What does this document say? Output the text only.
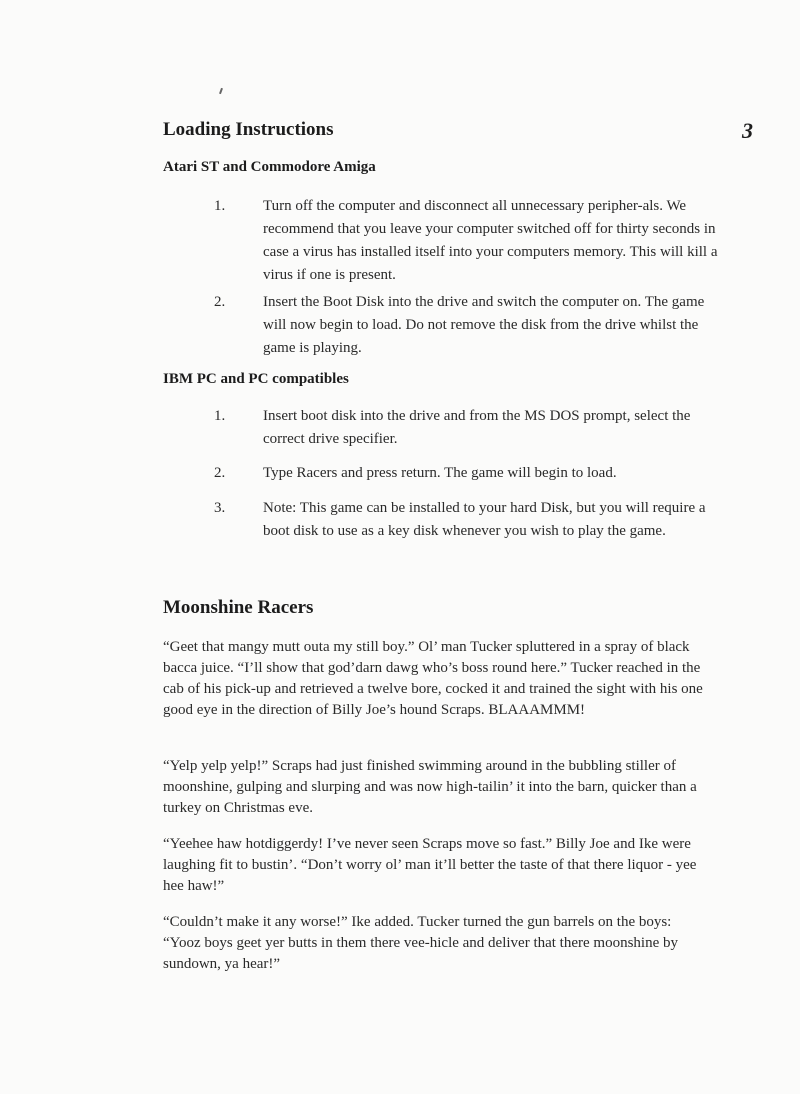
3
Loading Instructions
Atari ST and Commodore Amiga
1.	Turn off the computer and disconnect all unnecessary peripher-als. We recommend that you leave your computer switched off for thirty seconds in case a virus has installed itself into your computers memory. This will kill a virus if one is present.
2.	Insert the Boot Disk into the drive and switch the computer on. The game will now begin to load. Do not remove the disk from the drive whilst the game is playing.
IBM PC and PC compatibles
1.	Insert boot disk into the drive and from the MS DOS prompt, select the correct drive specifier.
2.	Type Racers and press return. The game will begin to load.
3.	Note: This game can be installed to your hard Disk, but you will require a boot disk to use as a key disk whenever you wish to play the game.
Moonshine Racers

“Geet that mangy mutt outa my still boy.” Ol’ man Tucker spluttered in a spray of black bacca juice. “I’ll show that god’darn dawg who’s boss round here.” Tucker reached in the cab of his pick-up and retrieved a twelve bore, cocked it and trained the sight with his one good eye in the direction of Billy Joe’s hound Scraps. BLAAAMMM!

“Yelp yelp yelp!” Scraps had just finished swimming around in the bubbling stiller of moonshine, gulping and slurping and was now high-tailin’ it into the barn, quicker than a turkey on Christmas eve.

“Yeehee haw hotdiggerdy! I’ve never seen Scraps move so fast.” Billy Joe and Ike were laughing fit to bustin’. “Don’t worry ol’ man it’ll better the taste of that there liquor - yee hee haw!”

“Couldn’t make it any worse!” Ike added. Tucker turned the gun barrels on the boys: “Yooz boys geet yer butts in them there vee-hicle and deliver that there moonshine by sundown, ya hear!”
